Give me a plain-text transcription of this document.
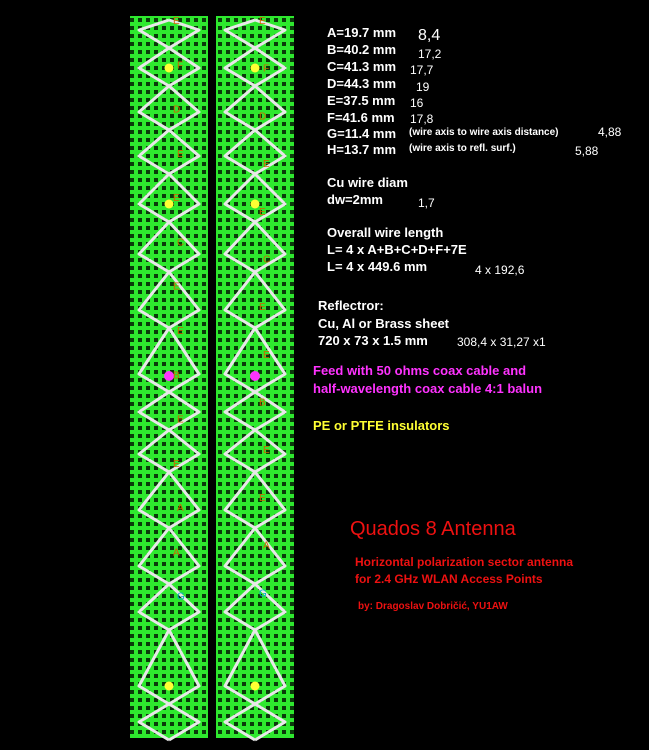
E
F
D
E
E
C
E
E
B
E
E
A
A
G
E
F
D
E
E
C
E
E
B
E
E
A
G
A=19.7 mm 8,4
B=40.2 mm 17,2
C=41.3 mm 17,7
D=44.3 mm 19
E=37.5 mm 16
F=41.6 mm 17,8
G=11.4 mm (wire axis to wire axis distance)	4,88
H=13.7 mm (wire axis to refl. surf.)	5,88
Cu wire diam
dw=2mm	1,7
Overall wire length
L= 4 x A+B+C+D+F+7E
L= 4 x 449.6 mm	4 x 192,6
Reflectror:
Cu, Al or Brass sheet
720 x 73 x 1.5 mm 308,4 x 31,27 x1
Feed with 50 ohms coax cable and
half-wavelength coax cable 4:1 balun
PE or PTFE insulators
Quados 8 Antenna
Horizontal polarization sector antenna
for 2.4 GHz WLAN Access Points
by: Dragoslav Dobričić, YU1AW
